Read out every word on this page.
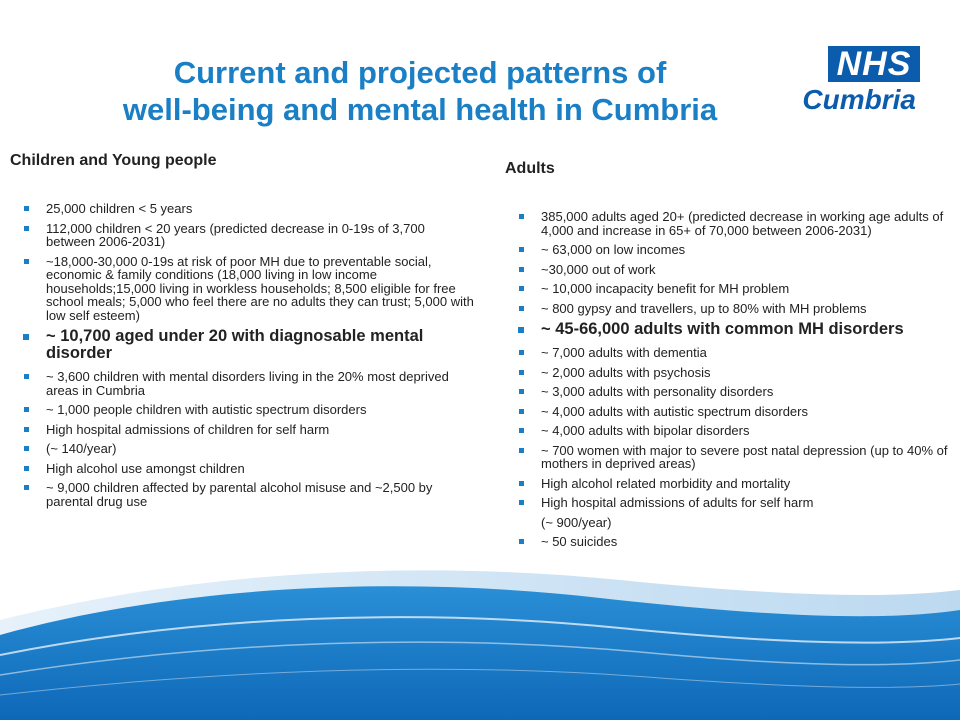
Current and projected patterns of
well-being and mental health in Cumbria
NHS
Cumbria
Children and Young people
25,000 children < 5 years
112,000 children < 20 years (predicted decrease in 0-19s of 3,700 between 2006-2031)
~18,000-30,000 0-19s at risk of poor MH due to preventable social, economic & family conditions (18,000 living in low income households;15,000 living in workless households; 8,500 eligible for free school meals; 5,000 who feel there are no adults they can trust; 5,000 with low self esteem)
~ 10,700 aged under 20 with diagnosable mental disorder
~ 3,600 children with mental disorders living in the 20% most deprived areas in Cumbria
~ 1,000 people children with autistic spectrum disorders
High hospital admissions of children for self harm
(~ 140/year)
High alcohol use amongst children
~ 9,000 children affected by parental alcohol misuse and ~2,500 by parental drug use
Adults
385,000 adults aged 20+ (predicted decrease in working age adults of 4,000 and increase in 65+ of 70,000 between 2006-2031)
~ 63,000 on low incomes
~30,000 out of work
~ 10,000 incapacity benefit for MH problem
~ 800 gypsy and travellers, up to 80% with MH problems
~ 45-66,000 adults with common MH disorders
~ 7,000 adults with dementia
~ 2,000 adults with psychosis
~ 3,000 adults with personality disorders
~ 4,000 adults with autistic spectrum disorders
~ 4,000 adults with bipolar disorders
~ 700 women with major to severe post natal depression (up to 40% of mothers in deprived areas)
High alcohol related morbidity and mortality
High hospital admissions of adults for self harm
(~ 900/year)
~ 50 suicides
